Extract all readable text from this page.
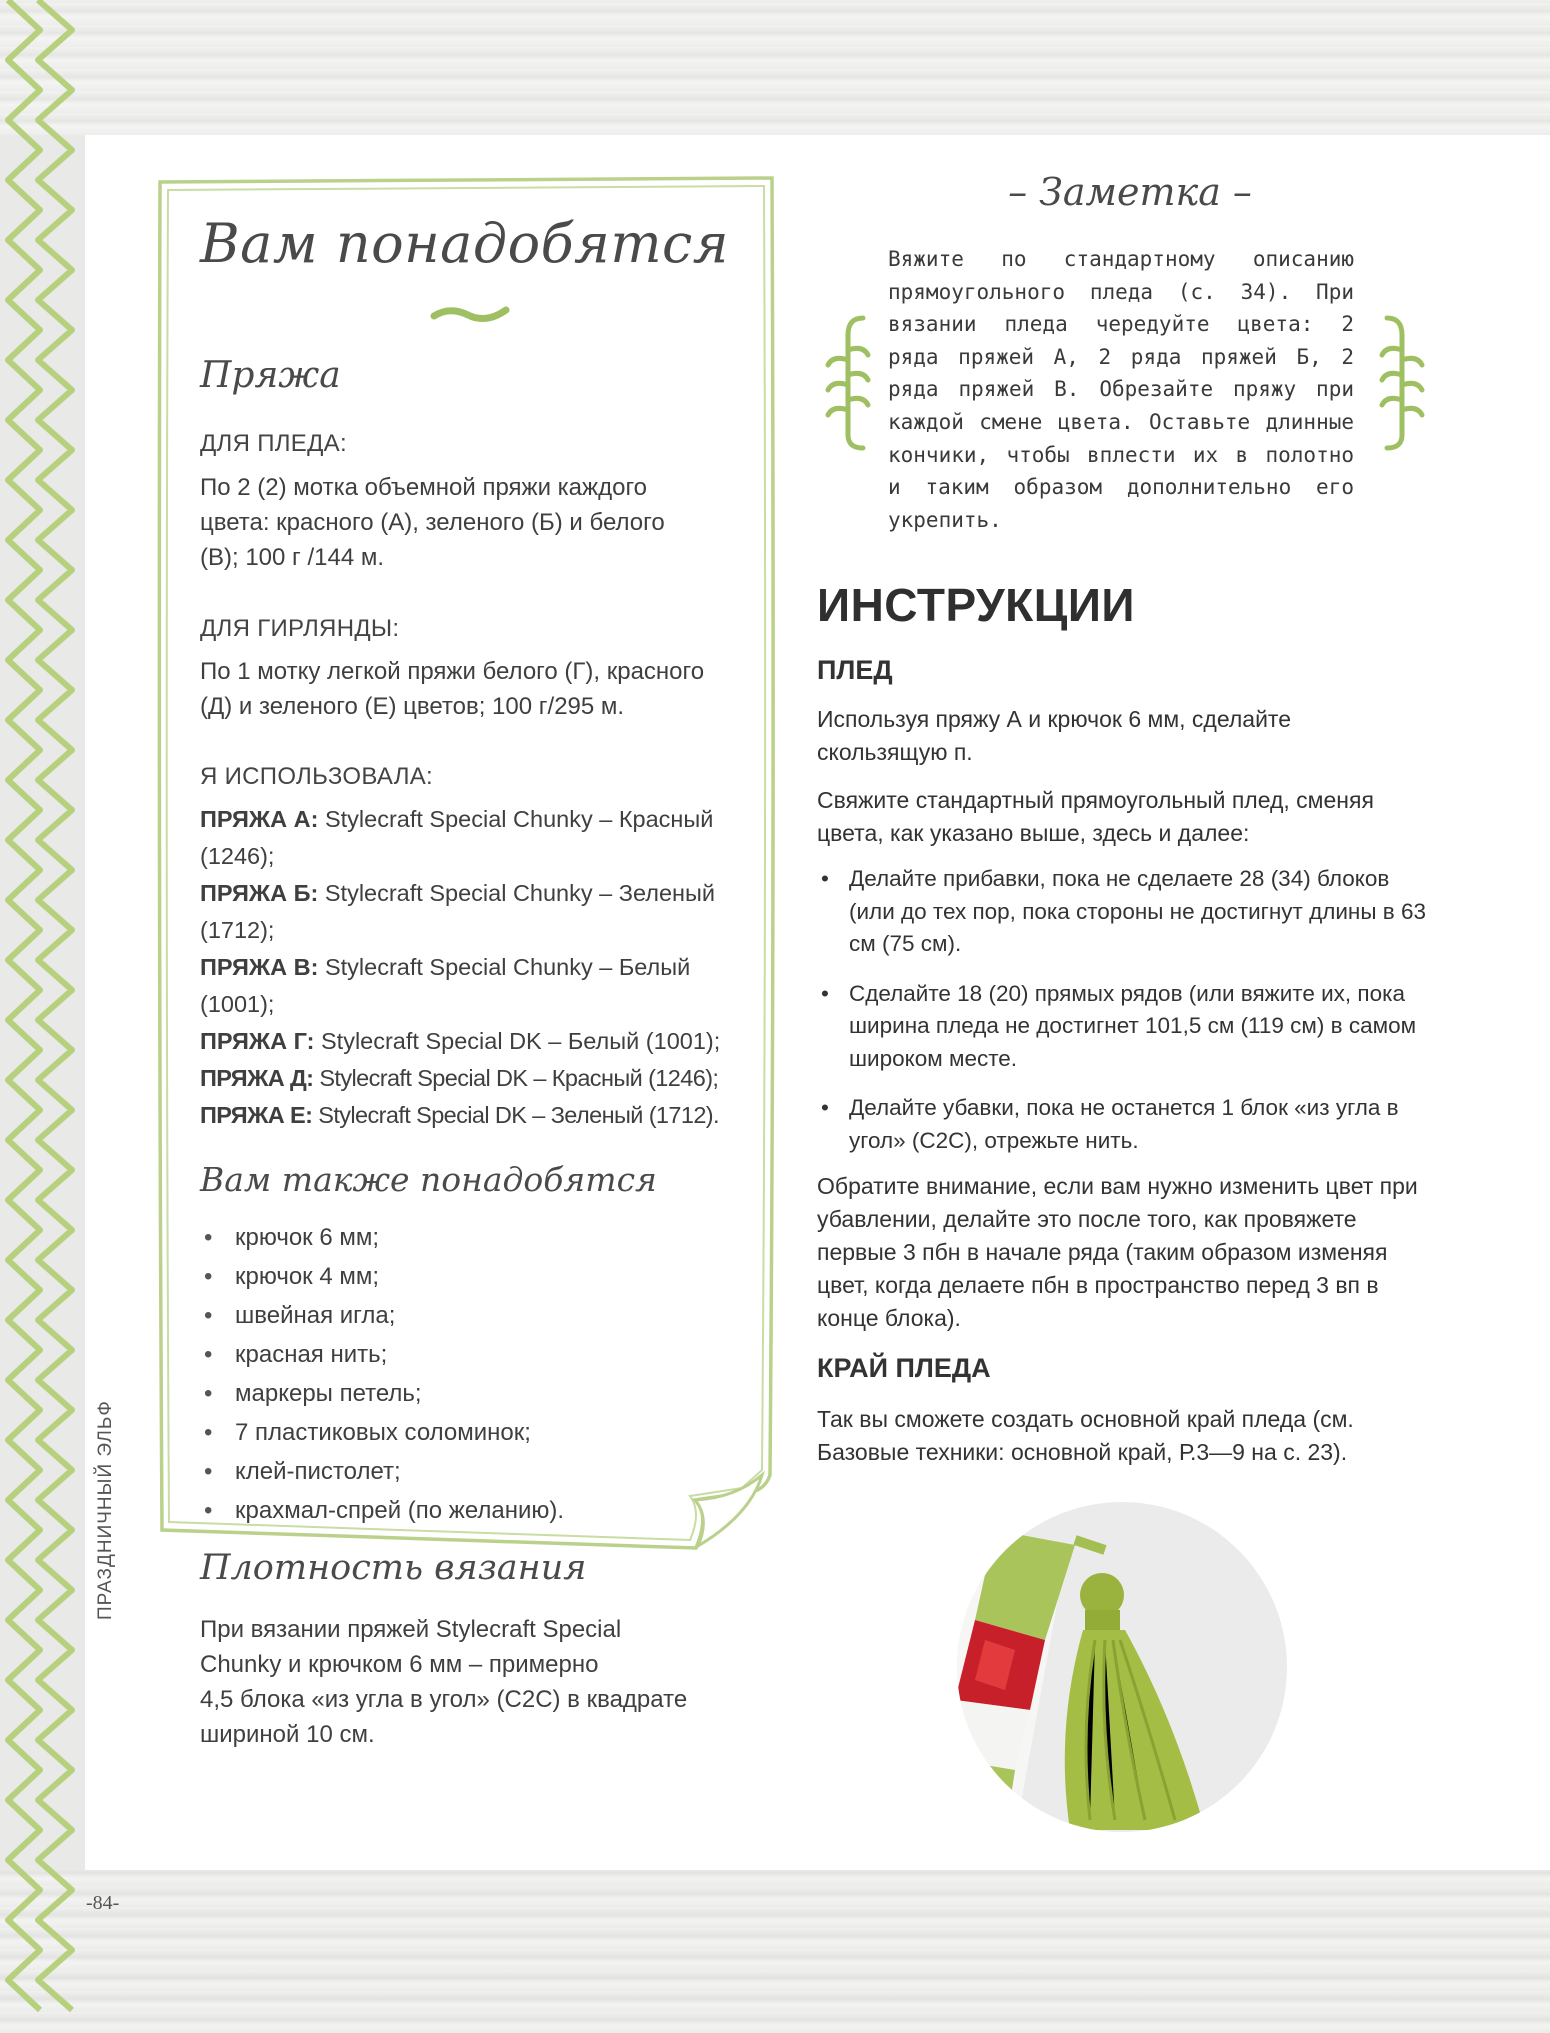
ПРАЗДНИЧНЫЙ ЭЛЬФ
-84-
Вам понадобятся
Пряжа
ДЛЯ ПЛЕДА:
По 2 (2) мотка объемной пряжи каждого
цвета: красного (А), зеленого (Б) и белого
(В); 100 г /144 м.
ДЛЯ ГИРЛЯНДЫ:
По 1 мотку легкой пряжи белого (Г), красного
(Д) и зеленого (Е) цветов; 100 г/295 м.
Я ИСПОЛЬЗОВАЛА:
ПРЯЖА А: Stylecraft Special Chunky – Красный
(1246);
ПРЯЖА Б: Stylecraft Special Chunky – Зеленый
(1712);
ПРЯЖА В: Stylecraft Special Chunky – Белый
(1001);
ПРЯЖА Г: Stylecraft Special DK – Белый (1001);
ПРЯЖА Д: Stylecraft Special DK – Красный (1246);
ПРЯЖА Е: Stylecraft Special DK – Зеленый (1712).
Вам также понадобятся
• крючок 6 мм;
• крючок 4 мм;
• швейная игла;
• красная нить;
• маркеры петель;
• 7 пластиковых соломинок;
• клей-пистолет;
• крахмал-спрей (по желанию).
Плотность вязания
При вязании пряжей Stylecraft Special
Chunky и крючком 6 мм – примерно
4,5 блока «из угла в угол» (С2С) в квадрате
шириной 10 см.
– Заметка –
Вяжите по стандартному описанию прямоугольного пледа (с. 34). При вязании пледа чередуйте цвета: 2 ряда пряжей А, 2 ряда пряжей Б, 2 ряда пряжей В. Обрезайте пряжу при каждой смене цвета. Оставьте длинные кончики, чтобы вплести их в полотно и таким образом дополнительно его укрепить.
ИНСТРУКЦИИ
ПЛЕД
Используя пряжу А и крючок 6 мм, сделайте скользящую п.
Свяжите стандартный прямоугольный плед, сменяя цвета, как указано выше, здесь и далее:
• Делайте прибавки, пока не сделаете 28 (34) блоков (или до тех пор, пока стороны не достигнут длины в 63 см (75 см).
• Сделайте 18 (20) прямых рядов (или вяжите их, пока ширина пледа не достигнет 101,5 см (119 см) в самом широком месте.
• Делайте убавки, пока не останется 1 блок «из угла в угол» (С2С), отрежьте нить.
Обратите внимание, если вам нужно изменить цвет при убавлении, делайте это после того, как провяжете первые 3 пбн в начале ряда (таким образом изменяя цвет, когда делаете пбн в пространство перед 3 вп в конце блока).
КРАЙ ПЛЕДА
Так вы сможете создать основной край пледа (см. Базовые техники: основной край, Р.3—9 на с. 23).
